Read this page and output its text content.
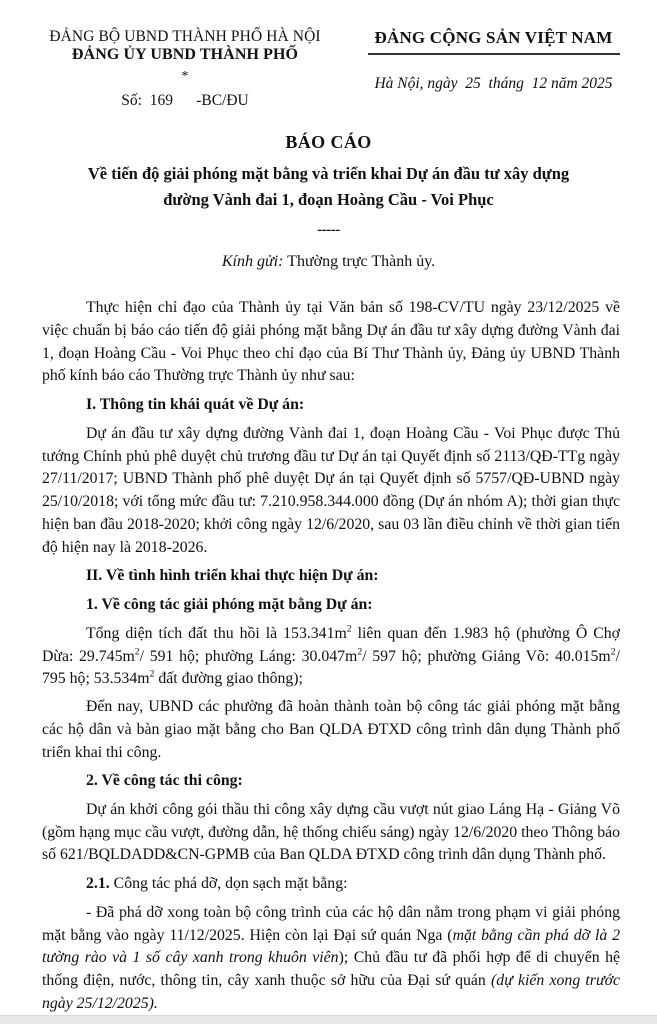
ĐẢNG BỘ UBND THÀNH PHỐ HÀ NỘI
ĐẢNG ỦY UBND THÀNH PHỐ
*
Số:  169      -BC/ĐU
ĐẢNG CỘNG SẢN VIỆT NAM
Hà Nội, ngày  25  tháng  12 năm 2025
BÁO CÁO
Về tiến độ giải phóng mặt bằng và triển khai Dự án đầu tư xây dựng
đường Vành đai 1, đoạn Hoàng Cầu - Voi Phục
-----
Kính gửi: Thường trực Thành ủy.

Thực hiện chỉ đạo của Thành ủy tại Văn bản số 198-CV/TU ngày 23/12/2025 về việc chuẩn bị báo cáo tiến độ giải phóng mặt bằng Dự án đầu tư xây dựng đường Vành đai 1, đoạn Hoàng Cầu - Voi Phục theo chỉ đạo của Bí Thư Thành ủy, Đảng ủy UBND Thành phố kính báo cáo Thường trực Thành ủy như sau:

I. Thông tin khái quát về Dự án:

Dự án đầu tư xây dựng đường Vành đai 1, đoạn Hoàng Cầu - Voi Phục được Thủ tướng Chính phủ phê duyệt chủ trương đầu tư Dự án tại Quyết định số 2113/QĐ-TTg ngày 27/11/2017; UBND Thành phố phê duyệt Dự án tại Quyết định số 5757/QĐ-UBND ngày 25/10/2018; với tổng mức đầu tư: 7.210.958.344.000 đồng (Dự án nhóm A); thời gian thực hiện ban đầu 2018-2020; khởi công ngày 12/6/2020, sau 03 lần điều chỉnh về thời gian tiến độ hiện nay là 2018-2026.

II. Về tình hình triển khai thực hiện Dự án:

1. Về công tác giải phóng mặt bằng Dự án:

Tổng diện tích đất thu hồi là $153.341m^2$ liên quan đến 1.983 hộ (phường Ô Chợ Dừa: $29.745m^2/$ 591 hộ; phường Láng: $30.047m^2/$ 597 hộ; phường Giảng Võ: $40.015m^2/$ 795 hộ; $53.534m^2$ đất đường giao thông);

Đến nay, UBND các phường đã hoàn thành toàn bộ công tác giải phóng mặt bằng các hộ dân và bàn giao mặt bằng cho Ban QLDA ĐTXD công trình dân dụng Thành phố triển khai thi công.

2. Về công tác thi công:

Dự án khởi công gói thầu thi công xây dựng cầu vượt nút giao Láng Hạ - Giảng Võ (gồm hạng mục cầu vượt, đường dẫn, hệ thống chiếu sáng) ngày 12/6/2020 theo Thông báo số 621/BQLDADD&CN-GPMB của Ban QLDA ĐTXD công trình dân dụng Thành phố.

2.1. Công tác phá dỡ, dọn sạch mặt bằng:

- Đã phá dỡ xong toàn bộ công trình của các hộ dân nằm trong phạm vi giải phóng mặt bằng vào ngày 11/12/2025. Hiện còn lại Đại sứ quán Nga (mặt bằng cần phá dỡ là 2 tường rào và 1 số cây xanh trong khuôn viên); Chủ đầu tư đã phối hợp để di chuyển hệ thống điện, nước, thông tin, cây xanh thuộc sở hữu của Đại sứ quán (dự kiến xong trước ngày 25/12/2025).
